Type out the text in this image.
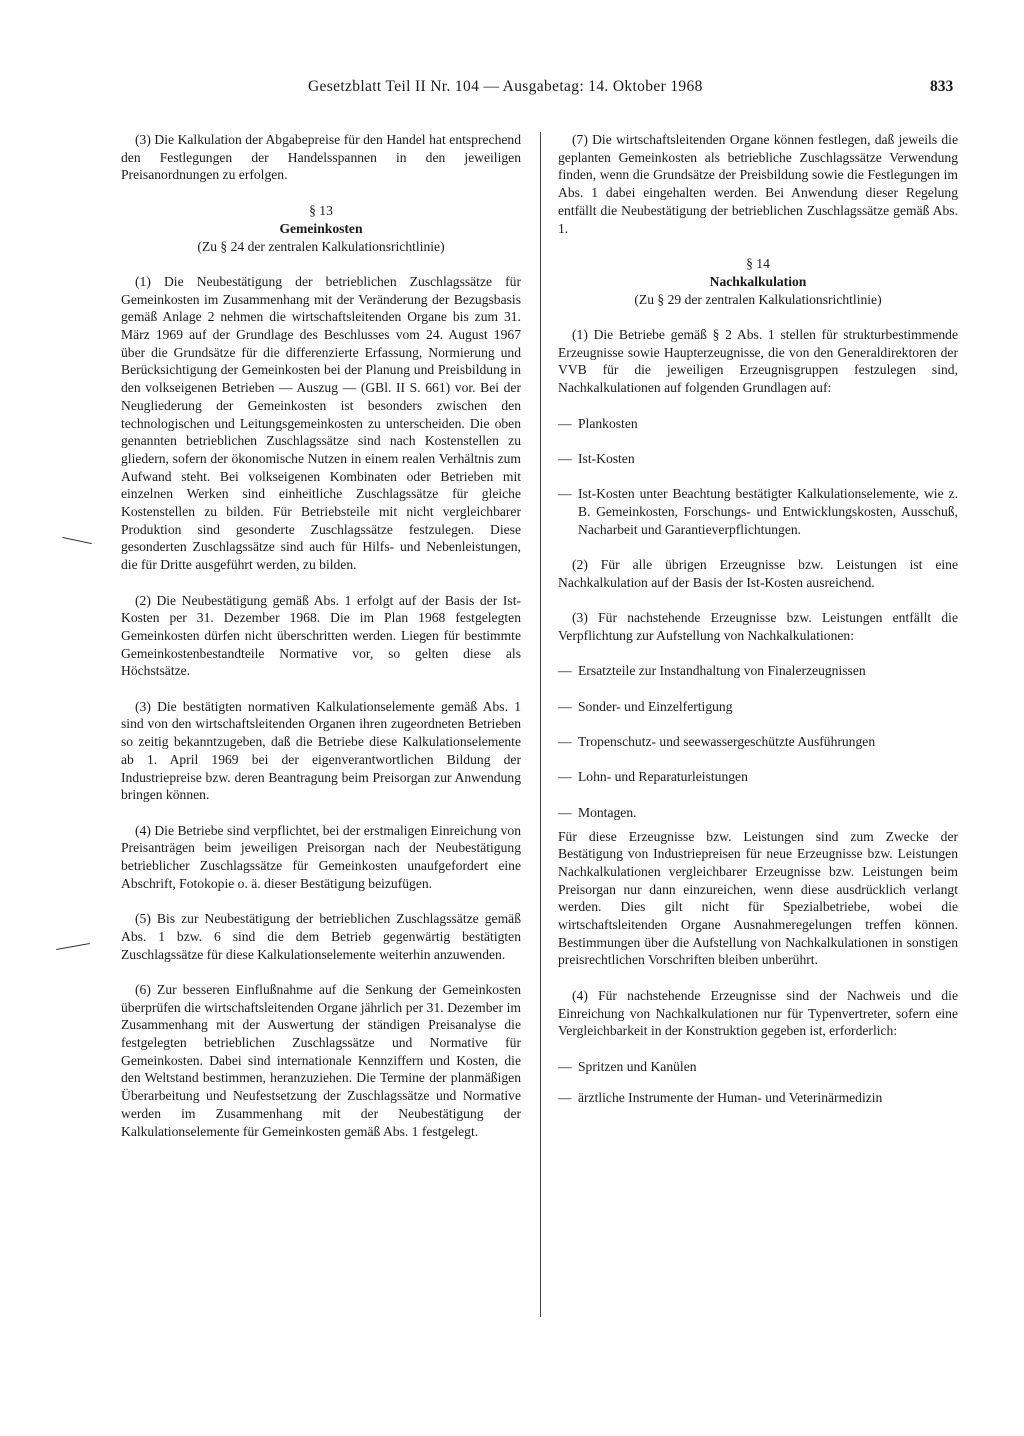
Gesetzblatt Teil II Nr. 104 — Ausgabetag: 14. Oktober 1968	833

(3) Die Kalkulation der Abgabepreise für den Handel hat entsprechend den Festlegungen der Handelsspannen in den jeweiligen Preisanordnungen zu erfolgen.

§ 13

Gemeinkosten

(Zu § 24 der zentralen Kalkulationsrichtlinie)

(1) Die Neubestätigung der betrieblichen Zuschlagssätze für Gemeinkosten im Zusammenhang mit der Veränderung der Bezugsbasis gemäß Anlage 2 nehmen die wirtschaftsleitenden Organe bis zum 31. März 1969 auf der Grundlage des Beschlusses vom 24. August 1967 über die Grundsätze für die differenzierte Erfassung, Normierung und Berücksichtigung der Gemeinkosten bei der Planung und Preisbildung in den volkseigenen Betrieben — Auszug — (GBl. II S. 661) vor. Bei der Neugliederung der Gemeinkosten ist besonders zwischen den technologischen und Leitungsgemeinkosten zu unterscheiden. Die oben genannten betrieblichen Zuschlagssätze sind nach Kostenstellen zu gliedern, sofern der ökonomische Nutzen in einem realen Verhältnis zum Aufwand steht. Bei volkseigenen Kombinaten oder Betrieben mit einzelnen Werken sind einheitliche Zuschlagssätze für gleiche Kostenstellen zu bilden. Für Betriebsteile mit nicht vergleichbarer Produktion sind gesonderte Zuschlagssätze festzulegen. Diese gesonderten Zuschlagssätze sind auch für Hilfs- und Nebenleistungen, die für Dritte ausgeführt werden, zu bilden.

(2) Die Neubestätigung gemäß Abs. 1 erfolgt auf der Basis der Ist-Kosten per 31. Dezember 1968. Die im Plan 1968 festgelegten Gemeinkosten dürfen nicht überschritten werden. Liegen für bestimmte Gemeinkostenbestandteile Normative vor, so gelten diese als Höchstsätze.

(3) Die bestätigten normativen Kalkulationselemente gemäß Abs. 1 sind von den wirtschaftsleitenden Organen ihren zugeordneten Betrieben so zeitig bekanntzugeben, daß die Betriebe diese Kalkulationselemente ab 1. April 1969 bei der eigenverantwortlichen Bildung der Industriepreise bzw. deren Beantragung beim Preisorgan zur Anwendung bringen können.

(4) Die Betriebe sind verpflichtet, bei der erstmaligen Einreichung von Preisanträgen beim jeweiligen Preisorgan nach der Neubestätigung betrieblicher Zuschlagssätze für Gemeinkosten unaufgefordert eine Abschrift, Fotokopie o. ä. dieser Bestätigung beizufügen.

(5) Bis zur Neubestätigung der betrieblichen Zuschlagssätze gemäß Abs. 1 bzw. 6 sind die dem Betrieb gegenwärtig bestätigten Zuschlagssätze für diese Kalkulationselemente weiterhin anzuwenden.

(6) Zur besseren Einflußnahme auf die Senkung der Gemeinkosten überprüfen die wirtschaftsleitenden Organe jährlich per 31. Dezember im Zusammenhang mit der Auswertung der ständigen Preisanalyse die festgelegten betrieblichen Zuschlagssätze und Normative für Gemeinkosten. Dabei sind internationale Kennziffern und Kosten, die den Weltstand bestimmen, heranzuziehen. Die Termine der planmäßigen Überarbeitung und Neufestsetzung der Zuschlagssätze und Normative werden im Zusammenhang mit der Neubestätigung der Kalkulationselemente für Gemeinkosten gemäß Abs. 1 festgelegt.

(7) Die wirtschaftsleitenden Organe können festlegen, daß jeweils die geplanten Gemeinkosten als betriebliche Zuschlagssätze Verwendung finden, wenn die Grundsätze der Preisbildung sowie die Festlegungen im Abs. 1 dabei eingehalten werden. Bei Anwendung dieser Regelung entfällt die Neubestätigung der betrieblichen Zuschlagssätze gemäß Abs. 1.

§ 14

Nachkalkulation

(Zu § 29 der zentralen Kalkulationsrichtlinie)

(1) Die Betriebe gemäß § 2 Abs. 1 stellen für strukturbestimmende Erzeugnisse sowie Haupterzeugnisse, die von den Generaldirektoren der VVB für die jeweiligen Erzeugnisgruppen festzulegen sind, Nachkalkulationen auf folgenden Grundlagen auf:

— Plankosten
— Ist-Kosten
— Ist-Kosten unter Beachtung bestätigter Kalkulationselemente, wie z. B. Gemeinkosten, Forschungs- und Entwicklungskosten, Ausschuß, Nacharbeit und Garantieverpflichtungen.

(2) Für alle übrigen Erzeugnisse bzw. Leistungen ist eine Nachkalkulation auf der Basis der Ist-Kosten ausreichend.

(3) Für nachstehende Erzeugnisse bzw. Leistungen entfällt die Verpflichtung zur Aufstellung von Nachkalkulationen:

— Ersatzteile zur Instandhaltung von Finalerzeugnissen
— Sonder- und Einzelfertigung
— Tropenschutz- und seewassergeschützte Ausführungen
— Lohn- und Reparaturleistungen
— Montagen.

Für diese Erzeugnisse bzw. Leistungen sind zum Zwecke der Bestätigung von Industriepreisen für neue Erzeugnisse bzw. Leistungen Nachkalkulationen vergleichbarer Erzeugnisse bzw. Leistungen beim Preisorgan nur dann einzureichen, wenn diese ausdrücklich verlangt werden. Dies gilt nicht für Spezialbetriebe, wobei die wirtschaftsleitenden Organe Ausnahmeregelungen treffen können. Bestimmungen über die Aufstellung von Nachkalkulationen in sonstigen preisrechtlichen Vorschriften bleiben unberührt.

(4) Für nachstehende Erzeugnisse sind der Nachweis und die Einreichung von Nachkalkulationen nur für Typenvertreter, sofern eine Vergleichbarkeit in der Konstruktion gegeben ist, erforderlich:

— Spritzen und Kanülen
— ärztliche Instrumente der Human- und Veterinärmedizin
